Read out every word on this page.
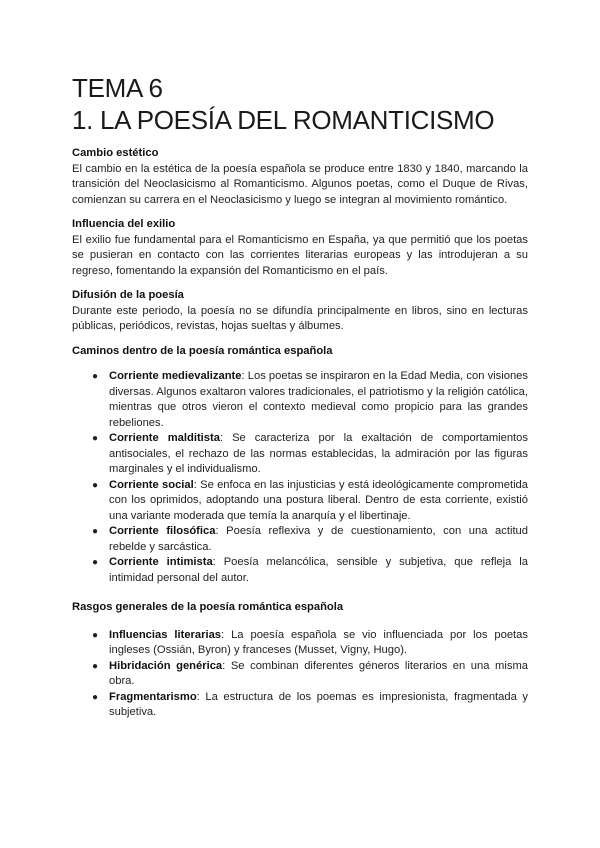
TEMA 6
1. LA POESÍA DEL ROMANTICISMO

Cambio estético

El cambio en la estética de la poesía española se produce entre 1830 y 1840, marcando la transición del Neoclasicismo al Romanticismo. Algunos poetas, como el Duque de Rivas, comienzan su carrera en el Neoclasicismo y luego se integran al movimiento romántico.

Influencia del exilio

El exilio fue fundamental para el Romanticismo en España, ya que permitió que los poetas se pusieran en contacto con las corrientes literarias europeas y las introdujeran a su regreso, fomentando la expansión del Romanticismo en el país.

Difusión de la poesía

Durante este periodo, la poesía no se difundía principalmente en libros, sino en lecturas públicas, periódicos, revistas, hojas sueltas y álbumes.

Caminos dentro de la poesía romántica española

● Corriente medievalizante: Los poetas se inspiraron en la Edad Media, con visiones diversas. Algunos exaltaron valores tradicionales, el patriotismo y la religión católica, mientras que otros vieron el contexto medieval como propicio para las grandes rebeliones.
● Corriente malditista: Se caracteriza por la exaltación de comportamientos antisociales, el rechazo de las normas establecidas, la admiración por las figuras marginales y el individualismo.
● Corriente social: Se enfoca en las injusticias y está ideológicamente comprometida con los oprimidos, adoptando una postura liberal. Dentro de esta corriente, existió una variante moderada que temía la anarquía y el libertinaje.
● Corriente filosófica: Poesía reflexiva y de cuestionamiento, con una actitud rebelde y sarcástica.
● Corriente intimista: Poesía melancólica, sensible y subjetiva, que refleja la intimidad personal del autor.

Rasgos generales de la poesía romántica española

● Influencias literarias: La poesía española se vio influenciada por los poetas ingleses (Ossián, Byron) y franceses (Musset, Vigny, Hugo).
● Hibridación genérica: Se combinan diferentes géneros literarios en una misma obra.
● Fragmentarismo: La estructura de los poemas es impresionista, fragmentada y subjetiva.
